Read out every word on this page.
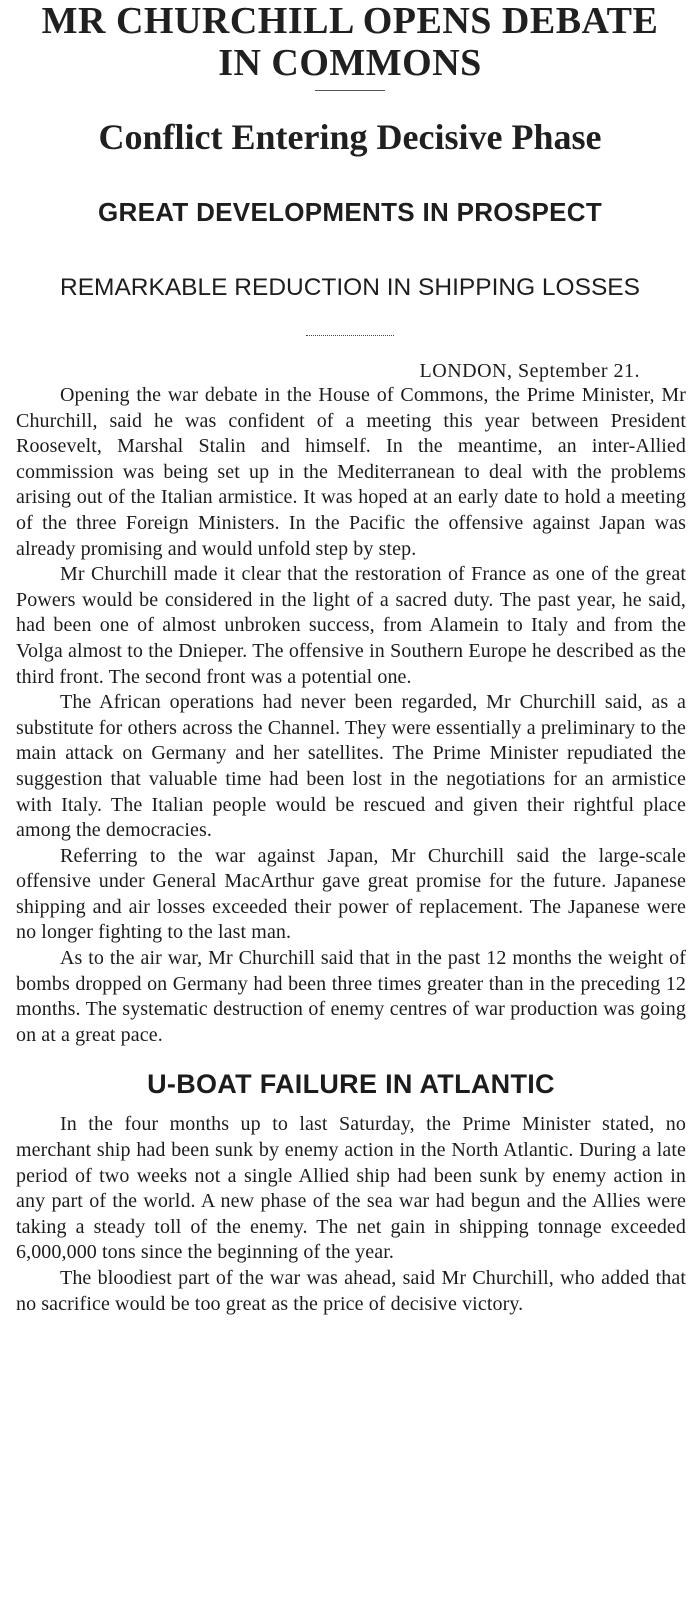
MR CHURCHILL OPENS DEBATE
IN COMMONS
Conflict Entering Decisive Phase
GREAT DEVELOPMENTS IN PROSPECT
REMARKABLE REDUCTION IN SHIPPING LOSSES
LONDON, September 21.

Opening the war debate in the House of Commons, the Prime Minister, Mr Churchill, said he was confident of a meeting this year between President Roosevelt, Marshal Stalin and himself. In the meantime, an inter-Allied commission was being set up in the Mediterranean to deal with the problems arising out of the Italian armistice. It was hoped at an early date to hold a meeting of the three Foreign Ministers. In the Pacific the offensive against Japan was already promising and would unfold step by step.

Mr Churchill made it clear that the restoration of France as one of the great Powers would be considered in the light of a sacred duty. The past year, he said, had been one of almost unbroken success, from Alamein to Italy and from the Volga almost to the Dnieper. The offensive in Southern Europe he described as the third front. The second front was a potential one.

The African operations had never been regarded, Mr Churchill said, as a substitute for others across the Channel. They were essentially a preliminary to the main attack on Germany and her satellites. The Prime Minister repudiated the suggestion that valuable time had been lost in the negotiations for an armistice with Italy. The Italian people would be rescued and given their rightful place among the democracies.

Referring to the war against Japan, Mr Churchill said the large-scale offensive under General MacArthur gave great promise for the future. Japanese shipping and air losses exceeded their power of replacement. The Japanese were no longer fighting to the last man.

As to the air war, Mr Churchill said that in the past 12 months the weight of bombs dropped on Germany had been three times greater than in the preceding 12 months. The systematic destruction of enemy centres of war production was going on at a great pace.

U-BOAT FAILURE IN ATLANTIC

In the four months up to last Saturday, the Prime Minister stated, no merchant ship had been sunk by enemy action in the North Atlantic. During a late period of two weeks not a single Allied ship had been sunk by enemy action in any part of the world. A new phase of the sea war had begun and the Allies were taking a steady toll of the enemy. The net gain in shipping tonnage exceeded 6,000,000 tons since the beginning of the year.

The bloodiest part of the war was ahead, said Mr Churchill, who added that no sacrifice would be too great as the price of decisive victory.
